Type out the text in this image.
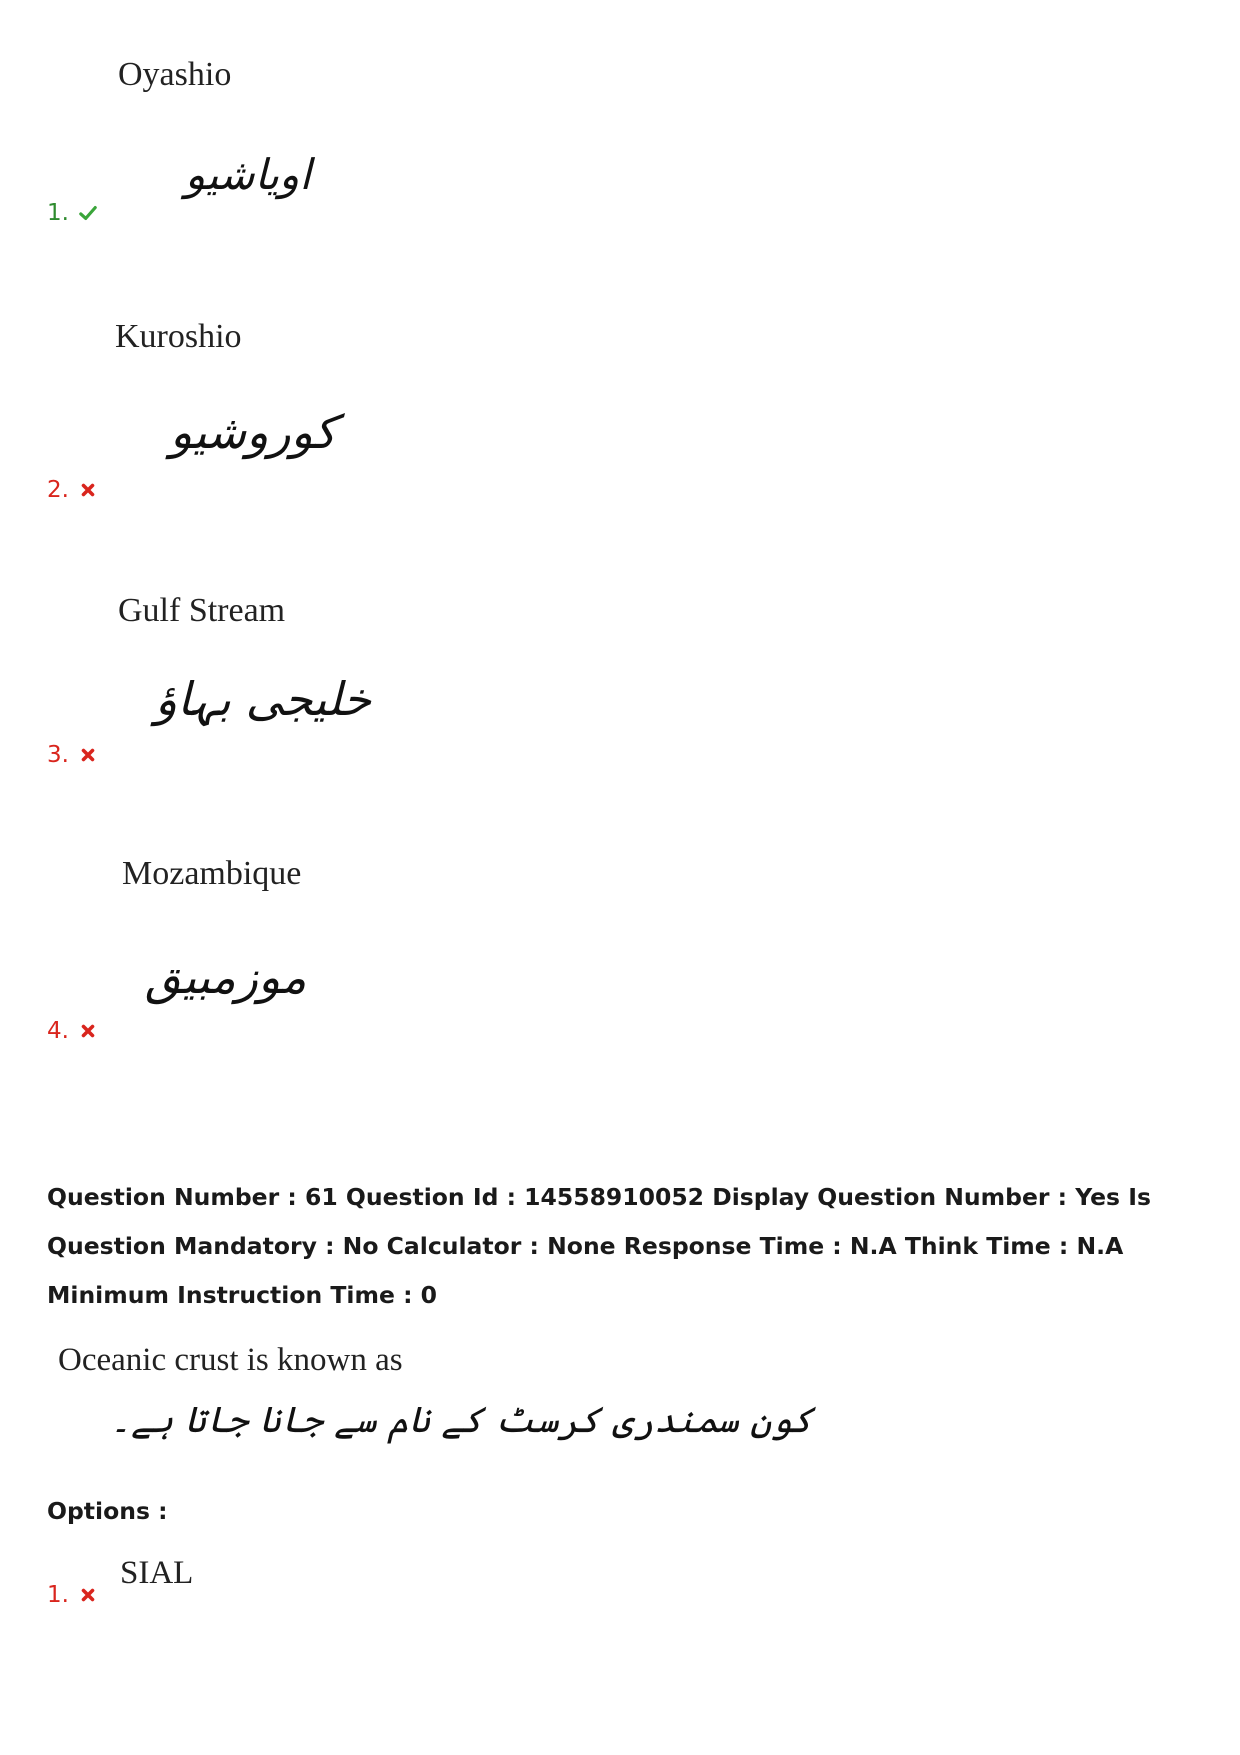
Oyashio
اویاشیو
1.
Kuroshio
کوروشیو
2.
Gulf Stream
خلیجی بہاؤ
3.
Mozambique
موزمبیق
4.
Question Number : 61 Question Id : 14558910052 Display Question Number : Yes Is Question Mandatory : No Calculator : None Response Time : N.A Think Time : N.A Minimum Instruction Time : 0
Oceanic crust is known as
کون سمندری کرسٹ کے نام سے جانا جاتا ہے۔
Options :
SIAL
1.
